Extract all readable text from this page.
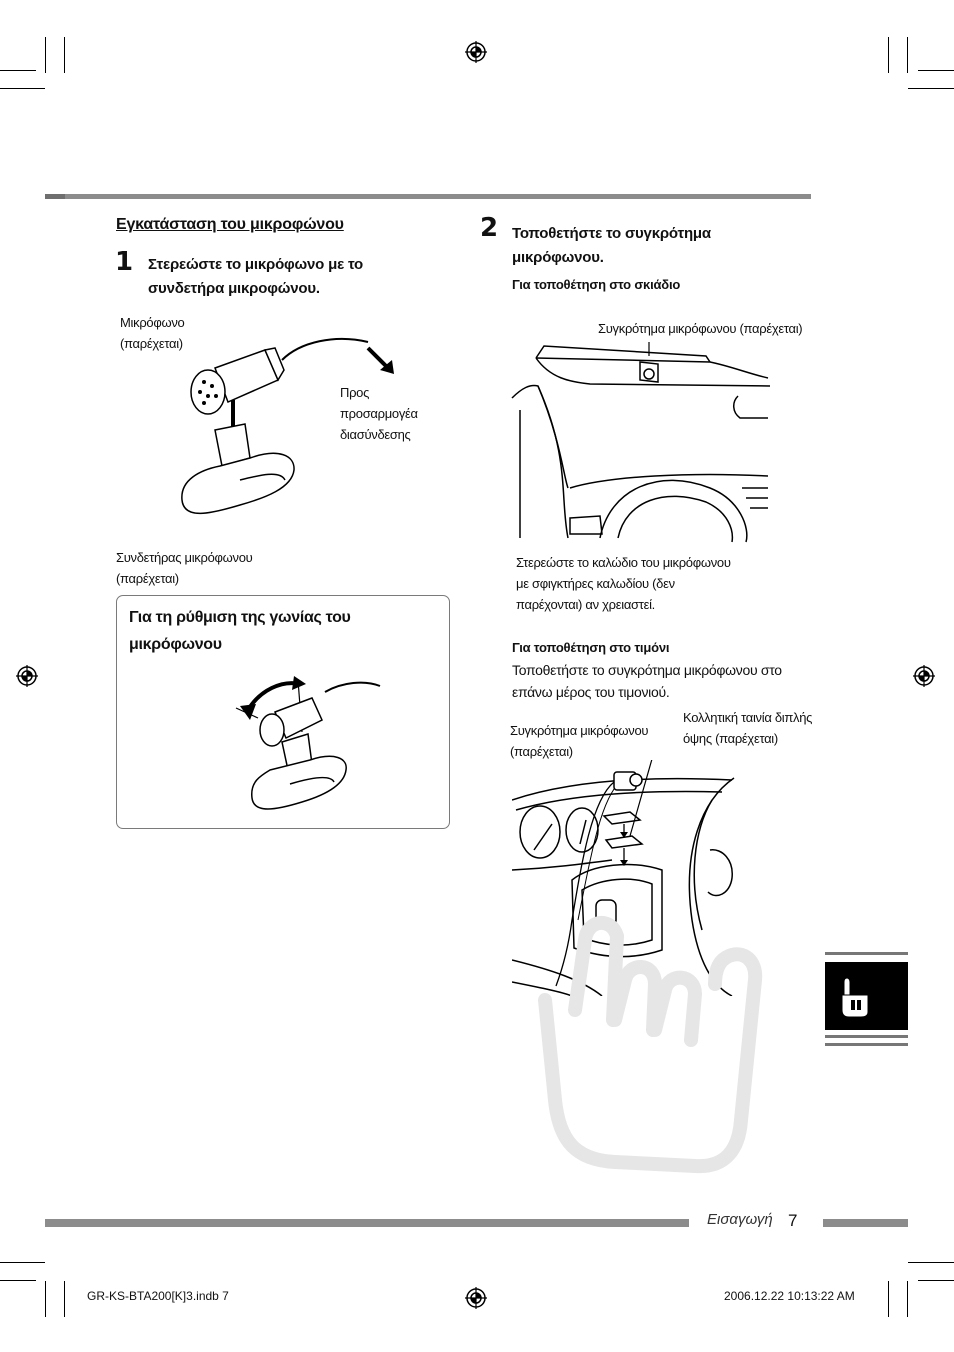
Εγκατάσταση του μικροφώνου
1 Στερεώστε το μικρόφωνο με το
συνδετήρα μικροφώνου.
Μικρόφωνο
(παρέχεται)
Προς
προσαρμογέα
διασύνδεσης
Συνδετήρας μικρόφωνου
(παρέχεται)
Για τη ρύθμιση της γωνίας του
μικρόφωνου
2 Τοποθετήστε το συγκρότημα
μικρόφωνου.
Για τοποθέτηση στο σκιάδιο
Συγκρότημα μικρόφωνου (παρέχεται)
Στερεώστε το καλώδιο του μικρόφωνου
με σφιγκτήρες καλωδίου (δεν
παρέχονται) αν χρειαστεί.
Για τοποθέτηση στο τιμόνι
Τοποθετήστε το συγκρότημα μικρόφωνου στο
επάνω μέρος του τιμονιού.
Συγκρότημα μικρόφωνου
(παρέχεται)
Κολλητική ταινία διπλής
όψης (παρέχεται)
Εισαγωγή 7
GR-KS-BTA200[K]3.indb 7	2006.12.22 10:13:22 AM
